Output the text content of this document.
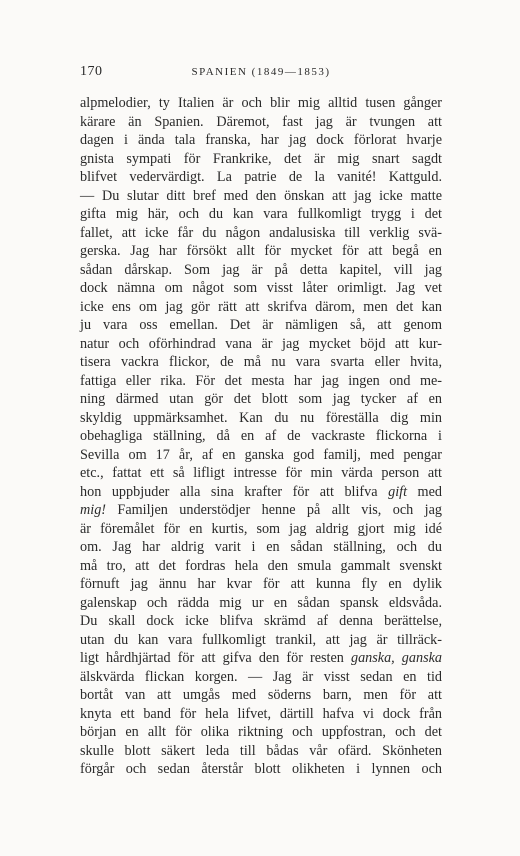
170	SPANIEN (1849—1853)
alpmelodier, ty Italien är och blir mig alltid tusen gånger
kärare än Spanien. Däremot, fast jag är tvungen att
dagen i ända tala franska, har jag dock förlorat hvarje
gnista sympati för Frankrike, det är mig snart sagdt
blifvet vedervärdigt. La patrie de la vanité! Kattguld.
— Du slutar ditt bref med den önskan att jag icke matte
gifta mig här, och du kan vara fullkomligt trygg i det
fallet, att icke får du någon andalusiska till verklig svä-
gerska. Jag har försökt allt för mycket för att begå en
sådan dårskap. Som jag är på detta kapitel, vill jag
dock nämna om något som visst låter orimligt. Jag vet
icke ens om jag gör rätt att skrifva därom, men det kan
ju vara oss emellan. Det är nämligen så, att genom
natur och oförhindrad vana är jag mycket böjd att kur-
tisera vackra flickor, de må nu vara svarta eller hvita,
fattiga eller rika. För det mesta har jag ingen ond me-
ning därmed utan gör det blott som jag tycker af en
skyldig uppmärksamhet. Kan du nu föreställa dig min
obehagliga ställning, då en af de vackraste flickorna i
Sevilla om 17 år, af en ganska god familj, med pengar
etc., fattat ett så lifligt intresse för min värda person att
hon uppbjuder alla sina krafter för att blifva gift med
mig! Familjen understödjer henne på allt vis, och jag
är föremålet för en kurtis, som jag aldrig gjort mig idé
om. Jag har aldrig varit i en sådan ställning, och du
må tro, att det fordras hela den smula gammalt svenskt
förnuft jag ännu har kvar för att kunna fly en dylik
galenskap och rädda mig ur en sådan spansk eldsvåda.
Du skall dock icke blifva skrämd af denna berättelse,
utan du kan vara fullkomligt trankil, att jag är tillräck-
ligt hårdhjärtad för att gifva den för resten ganska, ganska
älskvärda flickan korgen. — Jag är visst sedan en tid
bortåt van att umgås med söderns barn, men för att
knyta ett band för hela lifvet, därtill hafva vi dock från
början en allt för olika riktning och uppfostran, och det
skulle blott säkert leda till bådas vår ofärd. Skönheten
förgår och sedan återstår blott olikheten i lynnen och
